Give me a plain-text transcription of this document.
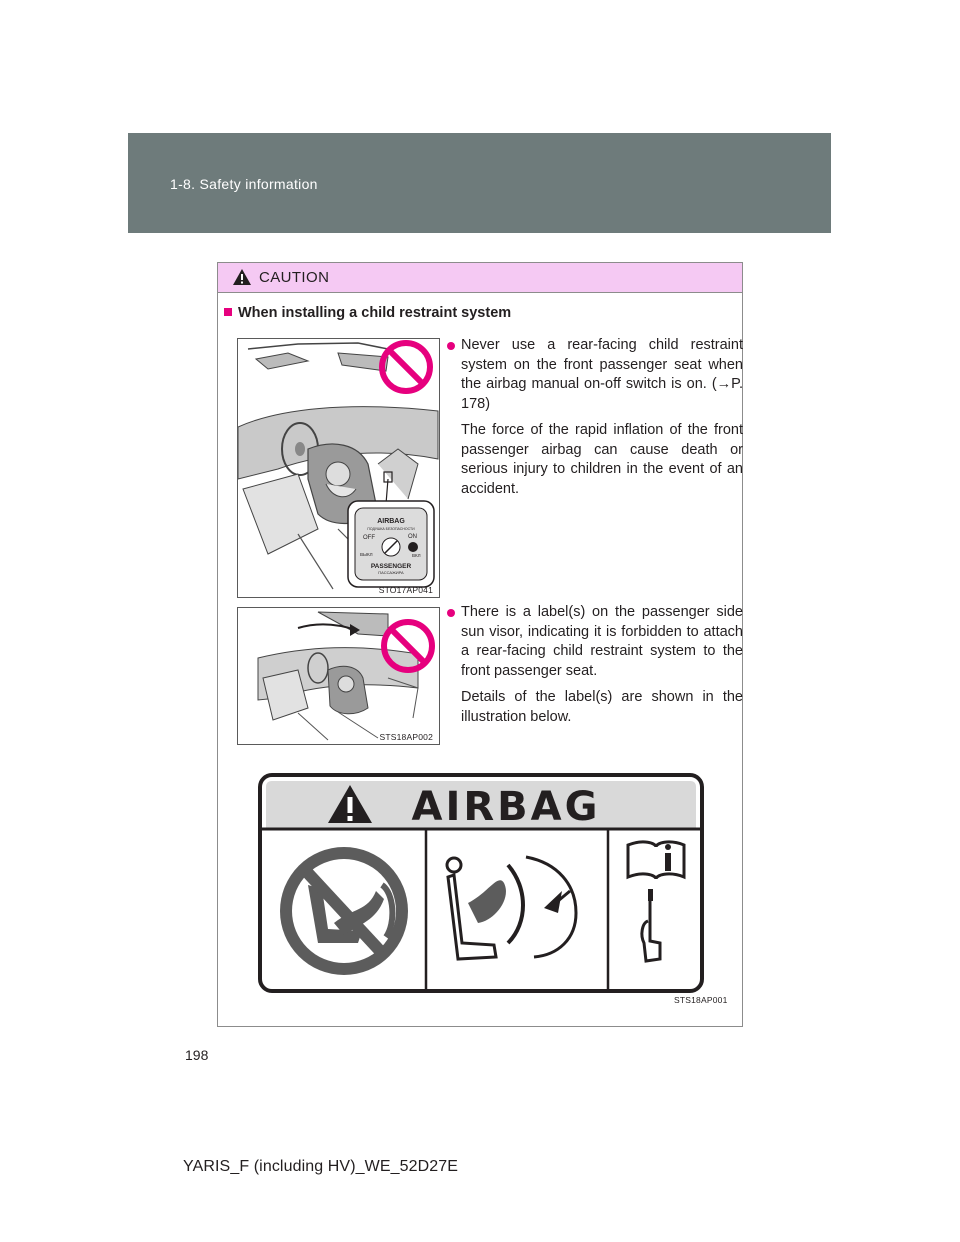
1-8. Safety information
CAUTION
When installing a child restraint system
AIRBAG
ПОДУШКА БЕЗОПАСНОСТИ
OFF	ON
ВЫКЛ	ВКЛ
PASSENGER
ПАССАЖИРА
STO17AP041
STS18AP002
Never use a rear-facing child restraint system on the front passenger seat when the airbag manual on-off switch is on. (→P. 178)
The force of the rapid inflation of the front passenger airbag can cause death or serious injury to children in the event of an accident.
There is a label(s) on the passenger side sun visor, indicating it is forbidden to attach a rear-facing child restraint system to the front passenger seat.
Details of the label(s) are shown in the illustration below.
AIRBAG
STS18AP001
198
YARIS_F (including HV)_WE_52D27E
